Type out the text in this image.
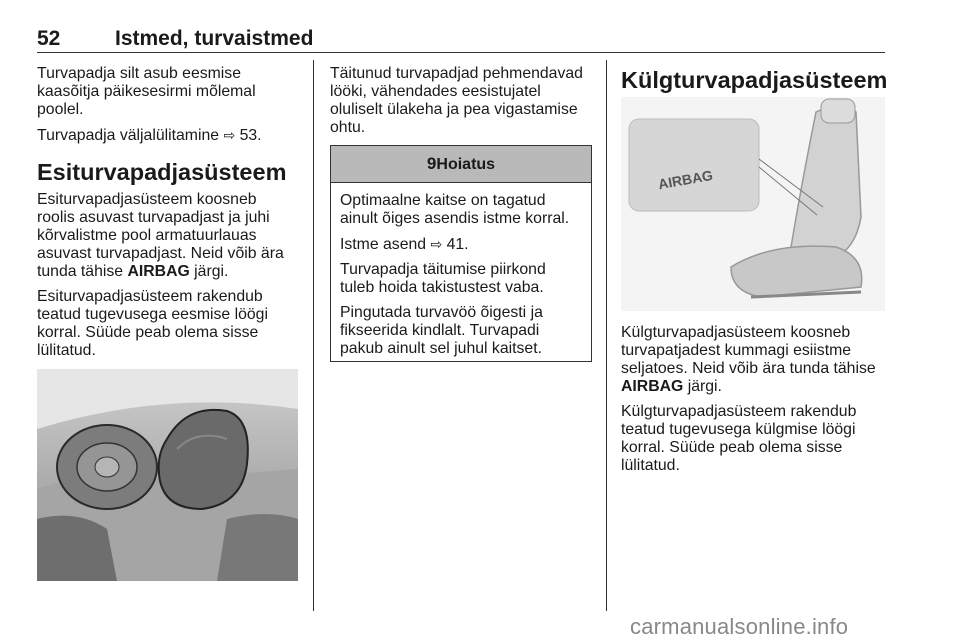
52	Istmed, turvaistmed

Turvapadja silt asub eesmise
kaasõitja päikesesirmi mõlemal
poolel.

Turvapadja väljalülitamine ⇨ 53.

Esiturvapadjasüsteem

Esiturvapadjasüsteem koosneb
roolis asuvast turvapadjast ja juhi
kõrvalistme pool armatuurlauas
asuvast turvapadjast. Neid võib ära
tunda tähise AIRBAG järgi.

Esiturvapadjasüsteem rakendub
teatud tugevusega eesmise löögi
korral. Süüde peab olema sisse
lülitatud.

Täitunud turvapadjad pehmendavad
lööki, vähendades eesistujatel
oluliselt ülakeha ja pea vigastamise
ohtu.

9Hoiatus

Optimaalne kaitse on tagatud
ainult õiges asendis istme korral.

Istme asend ⇨ 41.

Turvapadja täitumise piirkond
tuleb hoida takistustest vaba.

Pingutada turvavöö õigesti ja
fikseerida kindlalt. Turvapadi
pakub ainult sel juhul kaitset.

Külgturvapadjasüsteem
AIRBAG

Külgturvapadjasüsteem koosneb
turvapatjadest kummagi esiistme
seljatoes. Neid võib ära tunda tähise
AIRBAG järgi.

Külgturvapadjasüsteem rakendub
teatud tugevusega külgmise löögi
korral. Süüde peab olema sisse
lülitatud.

carmanualsonline.info
